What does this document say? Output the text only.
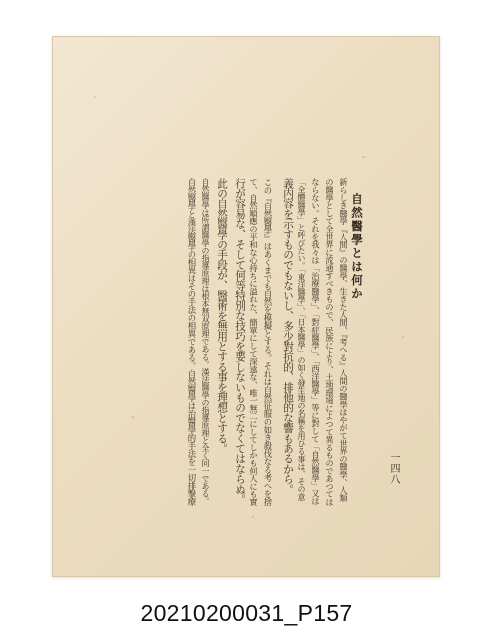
自然醫學とは何か
一四八
新らしき醫學『人間』の醫學、生きた人間、『考へる』人間の醫學はやがて世界の醫學、人類
の醫學として全世界に流通すべきもので、民族により、土地環境によつて異るものであつては
ならない。それを我々は「治療醫學」、「對症醫學」、「西洋醫學」等に對して「自然醫學」又は
「全體醫學」と呼びたい。「東洋醫學」、「日本醫學」の如く發生地の名稱を用ひる事は、その意
義内容を示すものでもないし、多少對抗的、排他的な響もあるから。
この『自然醫學』はあくまでも自然を模擬とする。それは自然征服の如き殺伐なる考へを捨
て、自然順應の平和な心持ちに溢れた、簡單にして深遠な、唯一無二にしてしかも何人にも實
行が容易な、そして何等特別な技巧を要しないものでなくてはならぬ。
此の自然醫學の手段が、醫術を無用とする事を理想とする。
自然醫學は所謂醫學の指導原理は根本無双原理である。漢法醫學の指導原理と全く同一である。
自然醫學と漢法醫學の相異はその手法の相異である。自然醫學は治醫學的手法を一切排撃療
20210200031_P157
